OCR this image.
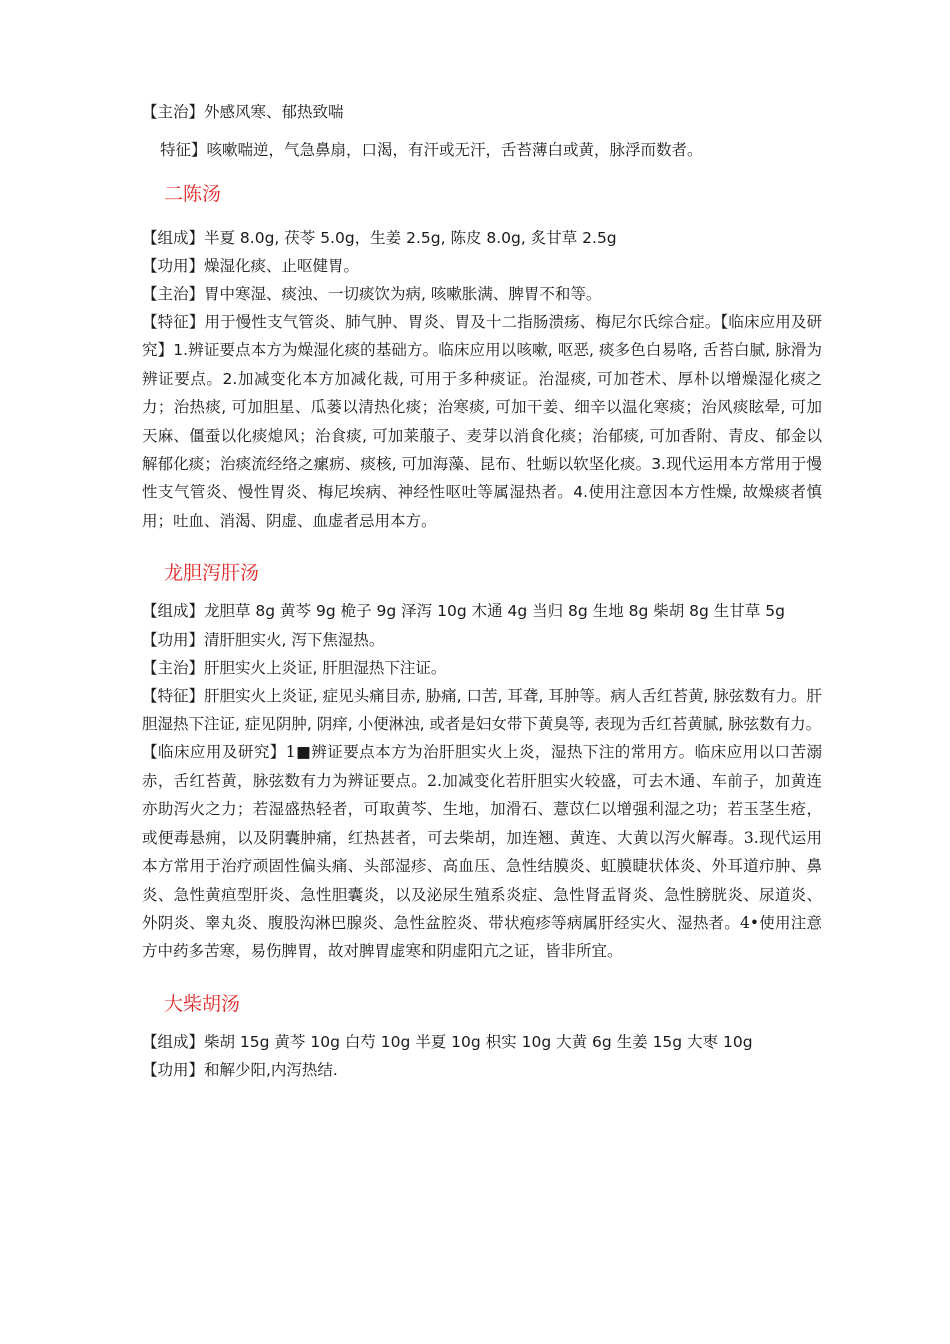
【主治】外感风寒、郁热致喘
特征】咳嗽喘逆，气急鼻扇，口渴，有汗或无汗，舌苔薄白或黄，脉浮而数者。
二陈汤
【组成】半夏 8.0g, 茯苓 5.0g，生姜 2.5g, 陈皮 8.0g, 炙甘草 2.5g
【功用】燥湿化痰、止呕健胃。
【主治】胃中寒湿、痰浊、一切痰饮为病, 咳嗽胀满、脾胃不和等。
【特征】用于慢性支气管炎、肺气肿、胃炎、胃及十二指肠溃疡、梅尼尔氏综合症。【临床应用及研究】1.辨证要点本方为燥湿化痰的基础方。临床应用以咳嗽, 呕恶, 痰多色白易咯, 舌苔白腻, 脉滑为辨证要点。2.加减变化本方加减化裁, 可用于多种痰证。治湿痰, 可加苍术、厚朴以增燥湿化痰之力；治热痰, 可加胆星、瓜蒌以清热化痰；治寒痰, 可加干姜、细辛以温化寒痰；治风痰眩晕, 可加天麻、僵蚕以化痰熄风；治食痰, 可加莱菔子、麦芽以消食化痰；治郁痰, 可加香附、青皮、郁金以解郁化痰；治痰流经络之瘰疬、痰核, 可加海藻、昆布、牡蛎以软坚化痰。3.现代运用本方常用于慢性支气管炎、慢性胃炎、梅尼埃病、神经性呕吐等属湿热者。4.使用注意因本方性燥, 故燥痰者慎用；吐血、消渴、阴虚、血虚者忌用本方。
龙胆泻肝汤
【组成】龙胆草 8g 黄芩 9g 桅子 9g 泽泻 10g 木通 4g 当归 8g 生地 8g 柴胡 8g 生甘草 5g
【功用】清肝胆实火, 泻下焦湿热。
【主治】肝胆实火上炎证, 肝胆湿热下注证。
【特征】肝胆实火上炎证, 症见头痛目赤, 胁痛, 口苦, 耳聋, 耳肿等。病人舌红苔黄, 脉弦数有力。肝胆湿热下注证, 症见阴肿, 阴痒, 小便淋浊, 或者是妇女带下黄臭等, 表现为舌红苔黄腻, 脉弦数有力。
【临床应用及研究】1■辨证要点本方为治肝胆实火上炎，湿热下注的常用方。临床应用以口苦溺赤，舌红苔黄，脉弦数有力为辨证要点。2.加减变化若肝胆实火较盛，可去木通、车前子，加黄连亦助泻火之力；若湿盛热轻者，可取黄芩、生地，加滑石、薏苡仁以增强利湿之功；若玉茎生疮，或便毒悬痈，以及阴囊肿痛，红热甚者，可去柴胡，加连翘、黄连、大黄以泻火解毒。3.现代运用本方常用于治疗顽固性偏头痛、头部湿疹、高血压、急性结膜炎、虹膜睫状体炎、外耳道疖肿、鼻炎、急性黄疸型肝炎、急性胆囊炎，以及泌尿生殖系炎症、急性肾盂肾炎、急性膀胱炎、尿道炎、外阴炎、睾丸炎、腹股沟淋巴腺炎、急性盆腔炎、带状疱疹等病属肝经实火、湿热者。4•使用注意方中药多苦寒，易伤脾胃，故对脾胃虚寒和阴虚阳亢之证，皆非所宜。
大柴胡汤
【组成】柴胡 15g 黄芩 10g 白芍 10g 半夏 10g 枳实 10g 大黄 6g 生姜 15g 大枣 10g
【功用】和解少阳,内泻热结.
